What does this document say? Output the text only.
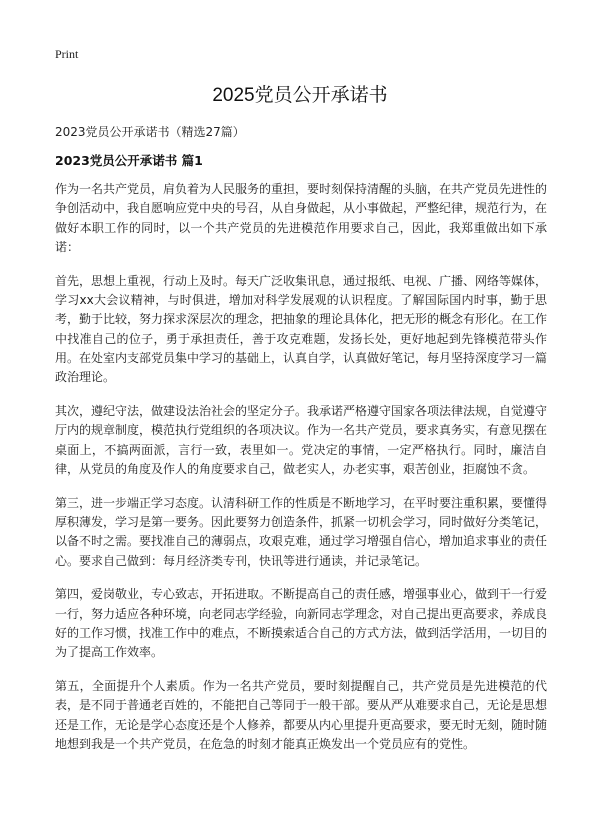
Print
2025党员公开承诺书

2023党员公开承诺书（精选27篇）

2023党员公开承诺书 篇1

作为一名共产党员，肩负着为人民服务的重担，要时刻保持清醒的头脑，在共产党员先进性的争创活动中，我自愿响应党中央的号召，从自身做起，从小事做起，严整纪律，规范行为，在做好本职工作的同时，以一个共产党员的先进模范作用要求自己，因此，我郑重做出如下承诺：

首先，思想上重视，行动上及时。每天广泛收集讯息，通过报纸、电视、广播、网络等媒体，学习xx大会议精神，与时俱进，增加对科学发展观的认识程度。了解国际国内时事，勤于思考，勤于比较，努力探求深层次的理念，把抽象的理论具体化，把无形的概念有形化。在工作中找准自己的位子，勇于承担责任，善于攻克难题，发扬长处，更好地起到先锋模范带头作用。在处室内支部党员集中学习的基础上，认真自学，认真做好笔记，每月坚持深度学习一篇政治理论。

其次，遵纪守法，做建设法治社会的坚定分子。我承诺严格遵守国家各项法律法规，自觉遵守厅内的规章制度，模范执行党组织的各项决议。作为一名共产党员，要求真务实，有意见摆在桌面上，不搞两面派，言行一致，表里如一。党决定的事情，一定严格执行。同时，廉洁自律，从党员的角度及作人的角度要求自己，做老实人，办老实事，艰苦创业，拒腐蚀不贪。

第三，进一步端正学习态度。认清科研工作的性质是不断地学习，在平时要注重积累，要懂得厚积薄发，学习是第一要务。因此要努力创造条件，抓紧一切机会学习，同时做好分类笔记，以备不时之需。要找准自己的薄弱点，攻艰克难，通过学习增强自信心，增加追求事业的责任心。要求自己做到：每月经济类专刊，快讯等进行通读，并记录笔记。

第四，爱岗敬业，专心致志，开拓进取。不断提高自己的责任感，增强事业心，做到干一行爱一行，努力适应各种环境，向老同志学经验，向新同志学理念，对自己提出更高要求，养成良好的工作习惯，找准工作中的难点，不断摸索适合自己的方式方法，做到活学活用，一切目的为了提高工作效率。

第五，全面提升个人素质。作为一名共产党员，要时刻提醒自己，共产党员是先进模范的代表，是不同于普通老百姓的，不能把自己等同于一般干部。要从严从难要求自己，无论是思想还是工作，无论是学心态度还是个人修养，都要从内心里提升更高要求，要无时无刻，随时随地想到我是一个共产党员，在危急的时刻才能真正焕发出一个党员应有的党性。
